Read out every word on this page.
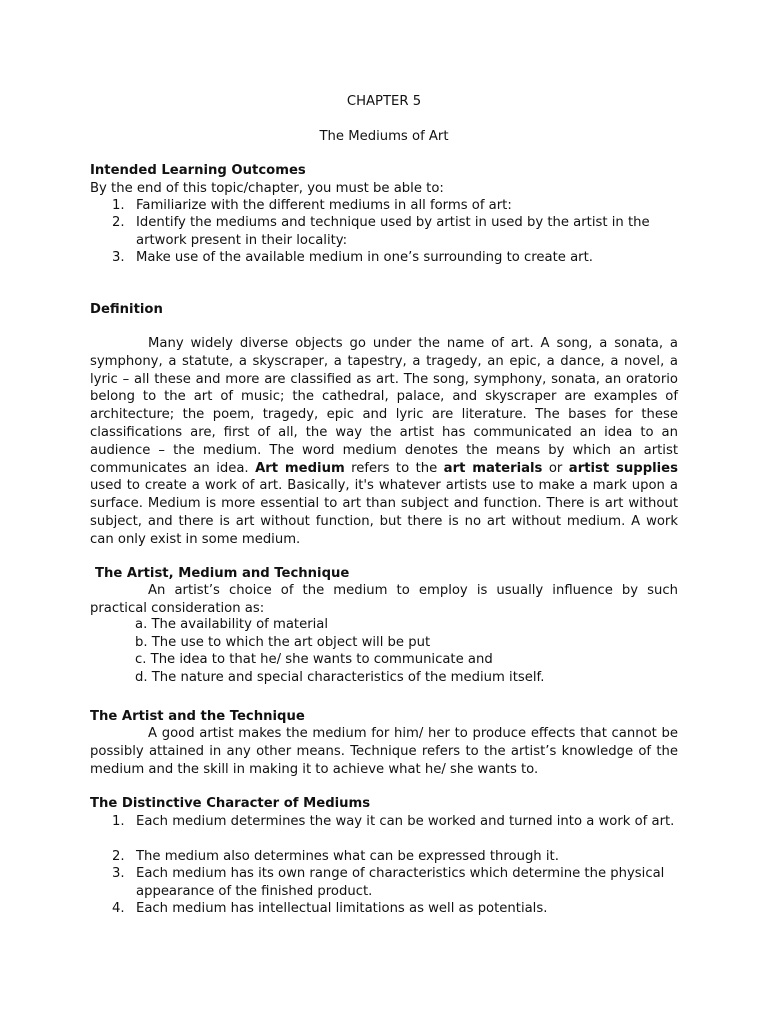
CHAPTER 5
The Mediums of Art
Intended Learning Outcomes
By the end of this topic/chapter, you must be able to:
1. Familiarize with the different mediums in all forms of art:
2. Identify the mediums and technique used by artist in used by the artist in the artwork present in their locality:
3. Make use of the available medium in one’s surrounding to create art.
Definition

Many widely diverse objects go under the name of art. A song, a sonata, a symphony, a statute, a skyscraper, a tapestry, a tragedy, an epic, a dance, a novel, a lyric – all these and more are classified as art. The song, symphony, sonata, an oratorio belong to the art of music; the cathedral, palace, and skyscraper are examples of architecture; the poem, tragedy, epic and lyric are literature. The bases for these classifications are, first of all, the way the artist has communicated an idea to an audience – the medium. The word medium denotes the means by which an artist communicates an idea. Art medium refers to the art materials or artist supplies used to create a work of art. Basically, it's whatever artists use to make a mark upon a surface. Medium is more essential to art than subject and function. There is art without subject, and there is art without function, but there is no art without medium. A work can only exist in some medium.

The Artist, Medium and Technique

An artist’s choice of the medium to employ is usually influence by such practical consideration as:

a. The availability of material
b. The use to which the art object will be put
c. The idea to that he/ she wants to communicate and
d. The nature and special characteristics of the medium itself.
The Artist and the Technique

A good artist makes the medium for him/ her to produce effects that cannot be possibly attained in any other means. Technique refers to the artist’s knowledge of the medium and the skill in making it to achieve what he/ she wants to.

The Distinctive Character of Mediums
1. Each medium determines the way it can be worked and turned into a work of art.
2. The medium also determines what can be expressed through it.
3. Each medium has its own range of characteristics which determine the physical appearance of the finished product.
4. Each medium has intellectual limitations as well as potentials.
